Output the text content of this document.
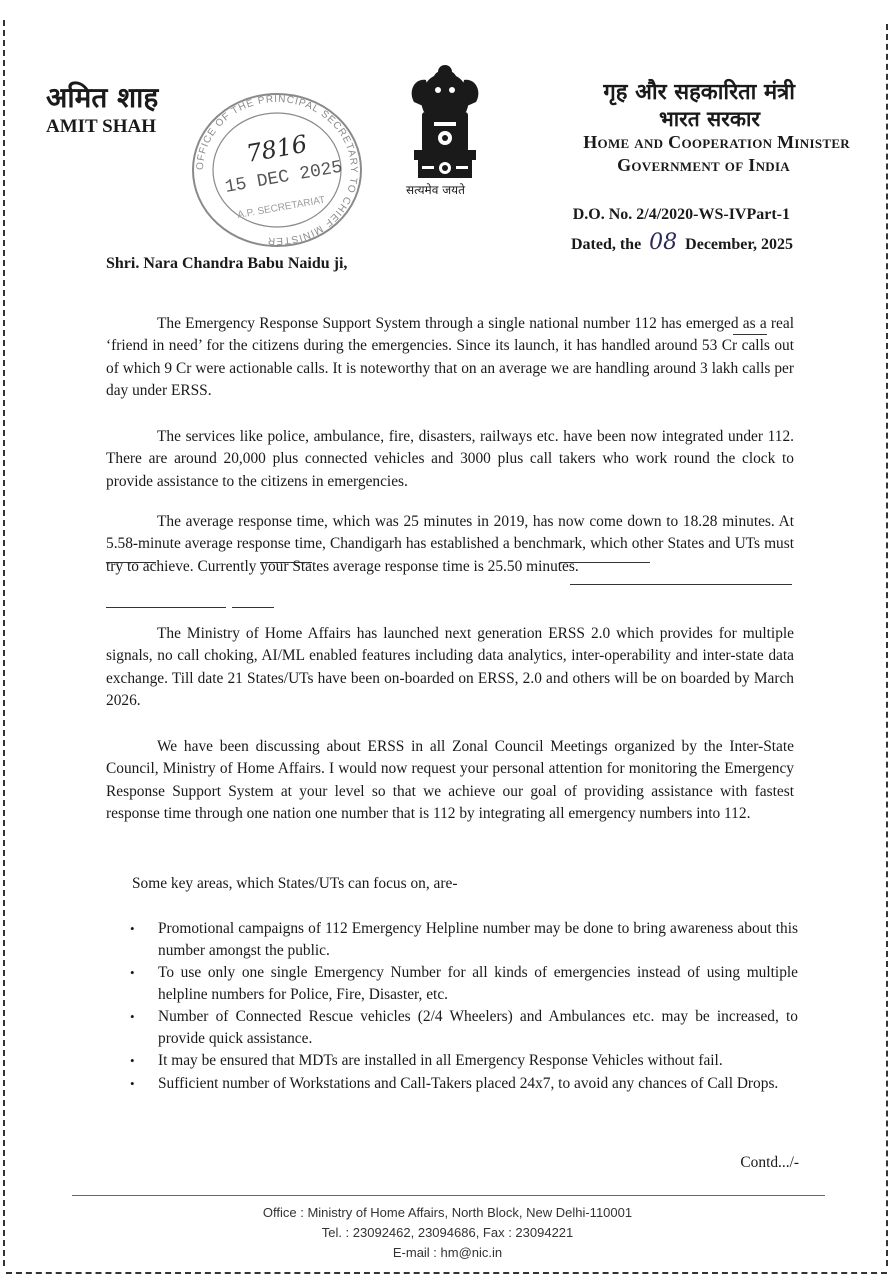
अमित शाह
AMIT SHAH
सत्यमेव जयते
गृह और सहकारिता मंत्री
भारत सरकार
Home and Cooperation Minister
Government of India
OFFICE OF THE PRINCIPAL SECRETARY TO CHIEF MINISTER
7816
15 DEC 2025
A.P. SECRETARIAT	D.O. No. 2/4/2020-WS-IVPart-1
Dated, the 08 December, 2025
Shri. Nara Chandra Babu Naidu ji,
The Emergency Response Support System through a single national number 112 has emerged as a real ‘friend in need’ for the citizens during the emergencies. Since its launch, it has handled around 53 Cr calls out of which 9 Cr were actionable calls. It is noteworthy that on an average we are handling around 3 lakh calls per day under ERSS.
The services like police, ambulance, fire, disasters, railways etc. have been now integrated under 112. There are around 20,000 plus connected vehicles and 3000 plus call takers who work round the clock to provide assistance to the citizens in emergencies.
The average response time, which was 25 minutes in 2019, has now come down to 18.28 minutes. At 5.58-minute average response time, Chandigarh has established a benchmark, which other States and UTs must try to achieve. Currently your States average response time is 25.50 minutes.
The Ministry of Home Affairs has launched next generation ERSS 2.0 which provides for multiple signals, no call choking, AI/ML enabled features including data analytics, inter-operability and inter-state data exchange. Till date 21 States/UTs have been on-boarded on ERSS, 2.0 and others will be on boarded by March 2026.
We have been discussing about ERSS in all Zonal Council Meetings organized by the Inter-State Council, Ministry of Home Affairs. I would now request your personal attention for monitoring the Emergency Response Support System at your level so that we achieve our goal of providing assistance with fastest response time through one nation one number that is 112 by integrating all emergency numbers into 112.
Some key areas, which States/UTs can focus on, are-
• Promotional campaigns of 112 Emergency Helpline number may be done to bring awareness about this number amongst the public.
• To use only one single Emergency Number for all kinds of emergencies instead of using multiple helpline numbers for Police, Fire, Disaster, etc.
• Number of Connected Rescue vehicles (2/4 Wheelers) and Ambulances etc. may be increased, to provide quick assistance.
• It may be ensured that MDTs are installed in all Emergency Response Vehicles without fail.
• Sufficient number of Workstations and Call-Takers placed 24x7, to avoid any chances of Call Drops.
Contd.../-
Office : Ministry of Home Affairs, North Block, New Delhi-110001
Tel. : 23092462, 23094686, Fax : 23094221
E-mail : hm@nic.in
